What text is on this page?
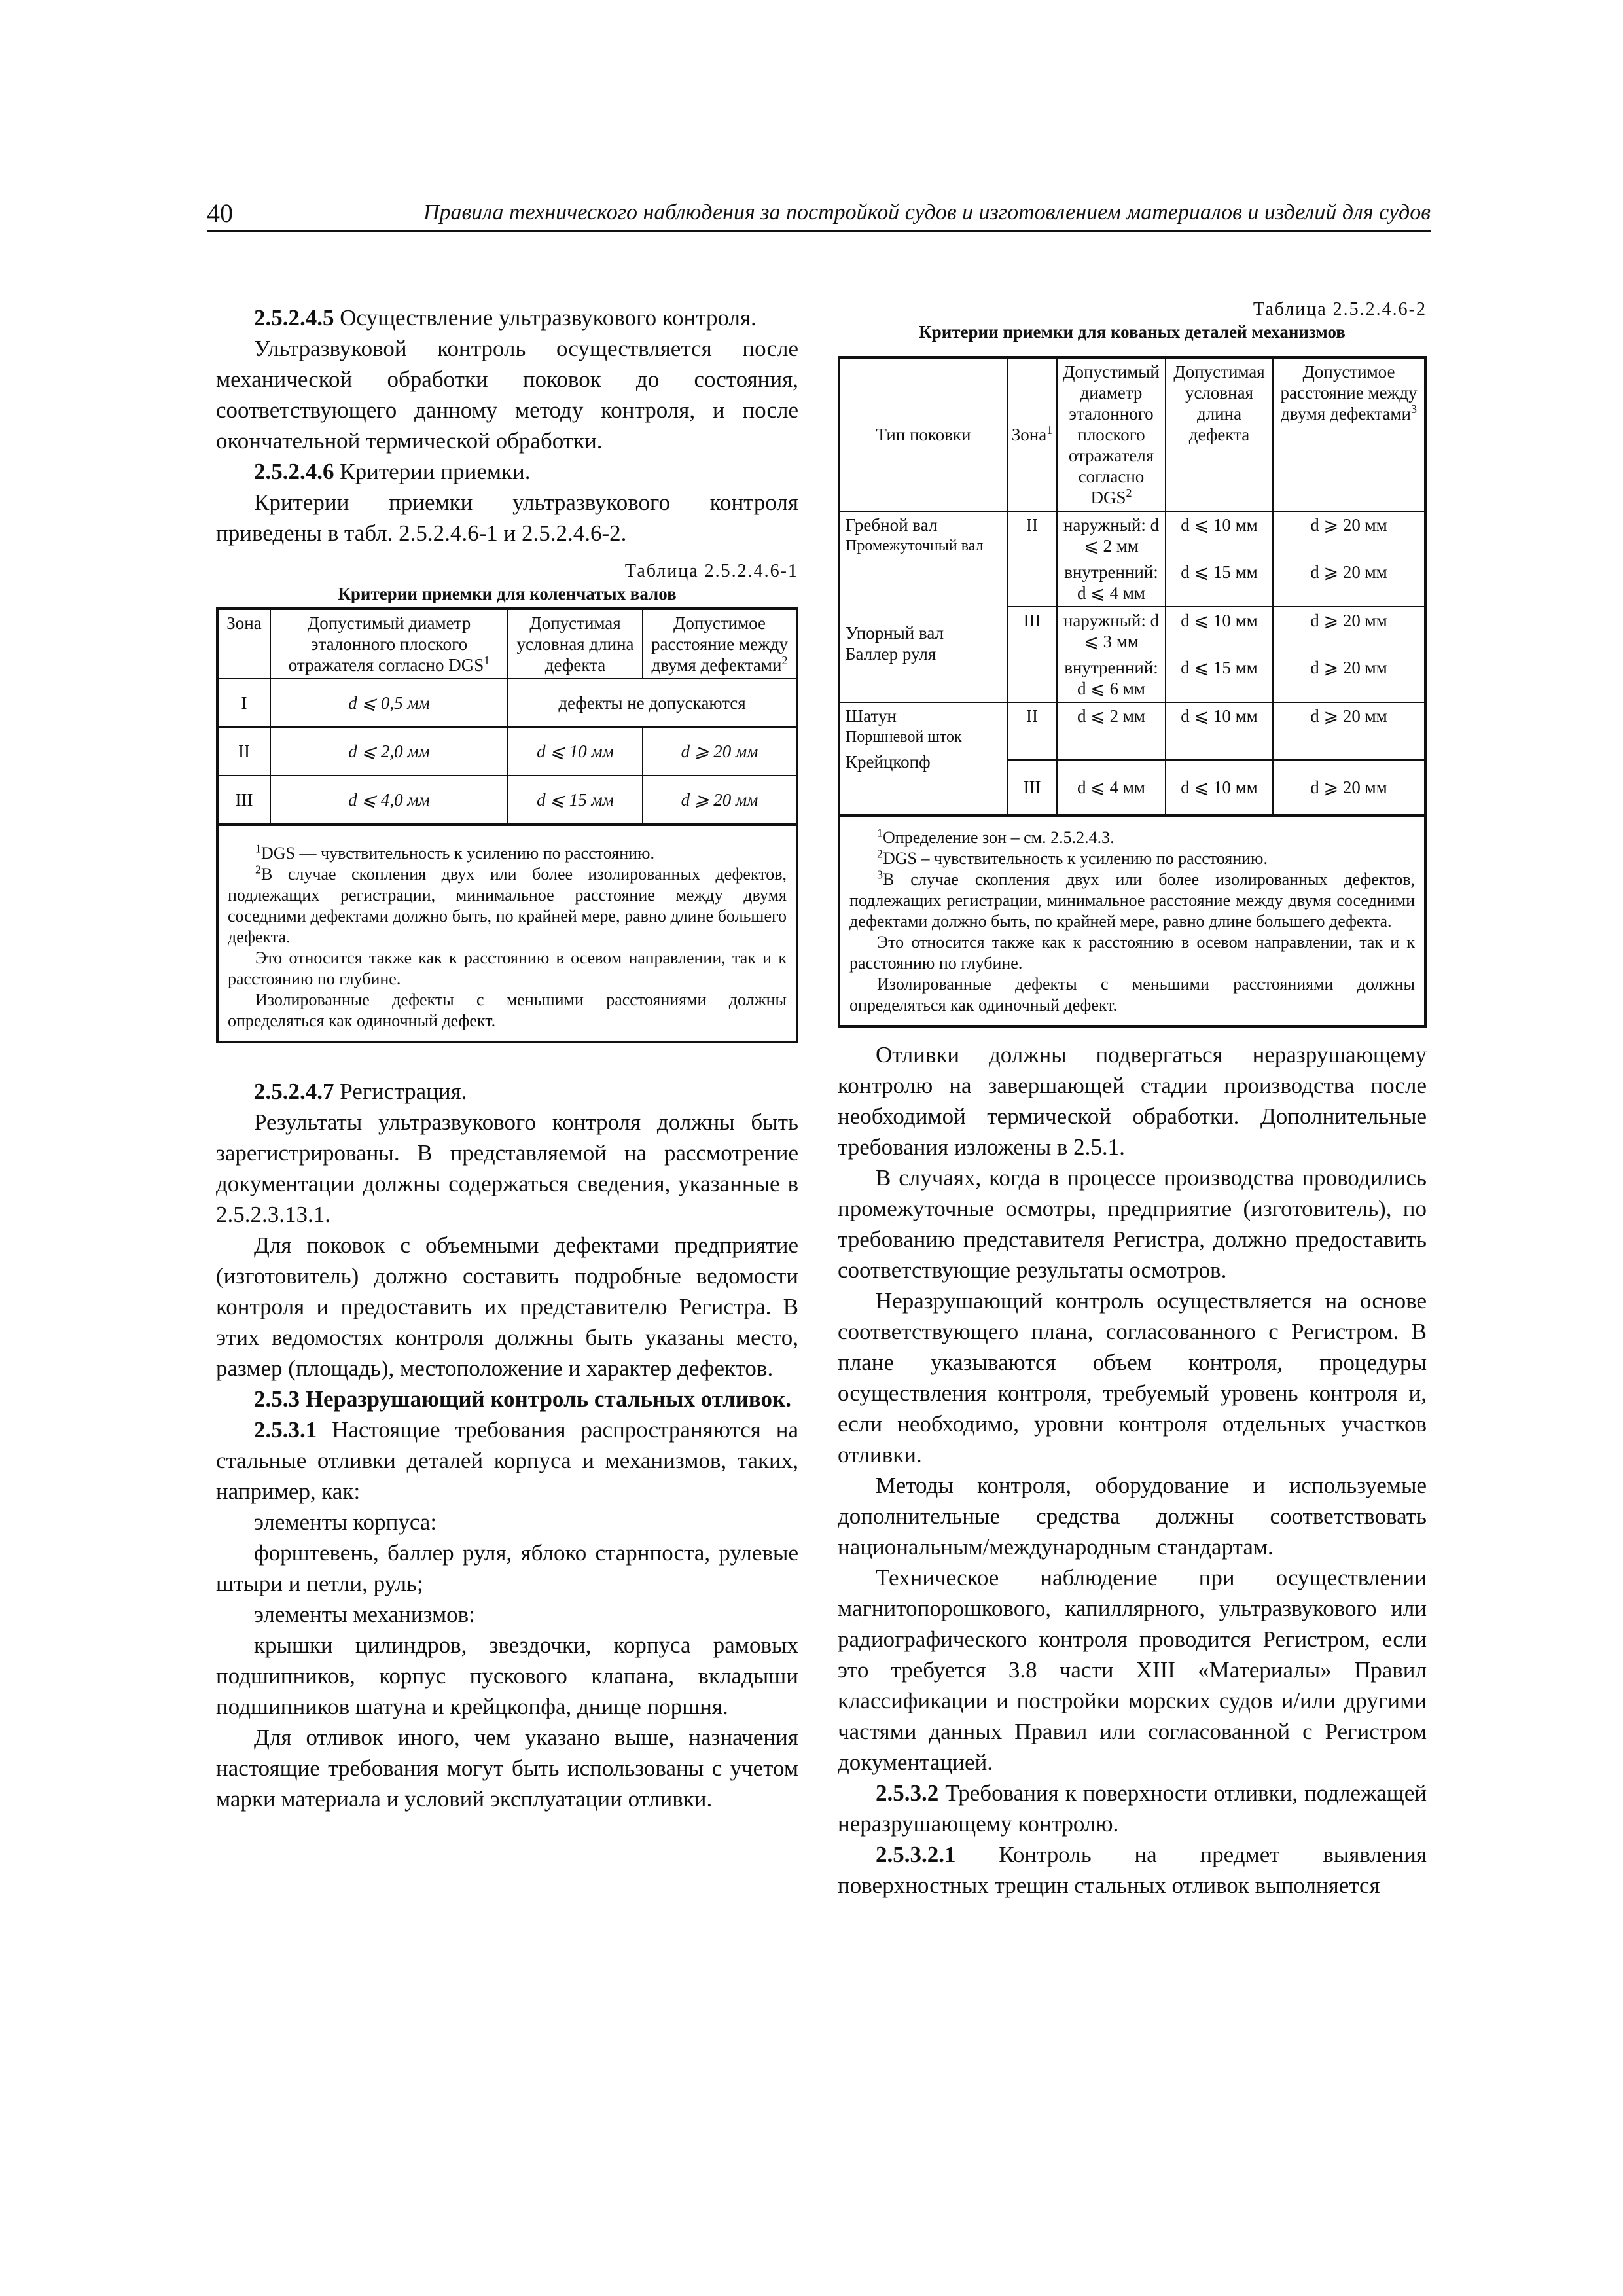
40	Правила технического наблюдения за постройкой судов и изготовлением материалов и изделий для судов

2.5.2.4.5 Осуществление ультразвукового контроля.

Ультразвуковой контроль осуществляется после механической обработки поковок до состояния, соответствующего данному методу контроля, и после окончательной термической обработки.

2.5.2.4.6 Критерии приемки.

Критерии приемки ультразвукового контроля приведены в табл. 2.5.2.4.6-1 и 2.5.2.4.6-2.

Таблица 2.5.2.4.6-1
Критерии приемки для коленчатых валов
Зона	Допустимый диаметр эталонного плоского отражателя согласно DGS$^1$	Допустимая условная длина дефекта	Допустимое расстояние между двумя дефектами$^2$
I	d ⩽ 0,5 мм	дефекты не допускаются	
II	d ⩽ 2,0 мм	d ⩽ 10 мм	d ⩾ 20 мм
III	d ⩽ 4,0 мм	d ⩽ 15 мм	d ⩾ 20 мм

$^1$DGS — чувствительность к усилению по расстоянию.

$^2$В случае скопления двух или более изолированных дефектов, подлежащих регистрации, минимальное расстояние между двумя соседними дефектами должно быть, по крайней мере, равно длине большего дефекта.

Это относится также как к расстоянию в осевом направлении, так и к расстоянию по глубине.

Изолированные дефекты с меньшими расстояниями должны определяться как одиночный дефект.

2.5.2.4.7 Регистрация.

Результаты ультразвукового контроля должны быть зарегистрированы. В представляемой на рассмотрение документации должны содержаться сведения, указанные в 2.5.2.3.13.1.

Для поковок с объемными дефектами предприятие (изготовитель) должно составить подробные ведомости контроля и предоставить их представителю Регистра. В этих ведомостях контроля должны быть указаны место, размер (площадь), местоположение и характер дефектов.

2.5.3 Неразрушающий контроль стальных отливок.

2.5.3.1 Настоящие требования распространяются на стальные отливки деталей корпуса и механизмов, таких, например, как:

элементы корпуса:

форштевень, баллер руля, яблоко старнпоста, рулевые штыри и петли, руль;

элементы механизмов:

крышки цилиндров, звездочки, корпуса рамовых подшипников, корпус пускового клапана, вкладыши подшипников шатуна и крейцкопфа, днище поршня.

Для отливок иного, чем указано выше, назначения настоящие требования могут быть использованы с учетом марки материала и условий эксплуатации отливки.

Таблица 2.5.2.4.6-2
Критерии приемки для кованых деталей механизмов
Тип поковки	Зона$^1$	Допустимый диаметр эталонного плоского отражателя согласно DGS$^2$	Допустимая условная длина дефекта	Допустимое расстояние между двумя дефектами$^3$

Гребной вал
Промежуточный вал	II	наружный: d ⩽ 2 мм	d ⩽ 10 мм	d ⩾ 20 мм
		внутренний: d ⩽ 4 мм	d ⩽ 15 мм	d ⩾ 20 мм

Упорный вал
Баллер руля	III	наружный: d ⩽ 3 мм	d ⩽ 10 мм	d ⩾ 20 мм
		внутренний: d ⩽ 6 мм	d ⩽ 15 мм	d ⩾ 20 мм

Шатун
Поршневой шток
Крейцкопф	II	d ⩽ 2 мм	d ⩽ 10 мм	d ⩾ 20 мм
	III	d ⩽ 4 мм	d ⩽ 10 мм	d ⩾ 20 мм

$^1$Определение зон – см. 2.5.2.4.3.

$^2$DGS – чувствительность к усилению по расстоянию.

$^3$В случае скопления двух или более изолированных дефектов, подлежащих регистрации, минимальное расстояние между двумя соседними дефектами должно быть, по крайней мере, равно длине большего дефекта.

Это относится также как к расстоянию в осевом направлении, так и к расстоянию по глубине.

Изолированные дефекты с меньшими расстояниями должны определяться как одиночный дефект.

Отливки должны подвергаться неразрушающему контролю на завершающей стадии производства после необходимой термической обработки. Дополнительные требования изложены в 2.5.1.

В случаях, когда в процессе производства проводились промежуточные осмотры, предприятие (изготовитель), по требованию представителя Регистра, должно предоставить соответствующие результаты осмотров.

Неразрушающий контроль осуществляется на основе соответствующего плана, согласованного с Регистром. В плане указываются объем контроля, процедуры осуществления контроля, требуемый уровень контроля и, если необходимо, уровни контроля отдельных участков отливки.

Методы контроля, оборудование и используемые дополнительные средства должны соответствовать национальным/международным стандартам.

Техническое наблюдение при осуществлении магнитопорошкового, капиллярного, ультразвукового или радиографического контроля проводится Регистром, если это требуется 3.8 части XIII «Материалы» Правил классификации и постройки морских судов и/или другими частями данных Правил или согласованной с Регистром документацией.

2.5.3.2 Требования к поверхности отливки, подлежащей неразрушающему контролю.

2.5.3.2.1 Контроль на предмет выявления поверхностных трещин стальных отливок выполняется
